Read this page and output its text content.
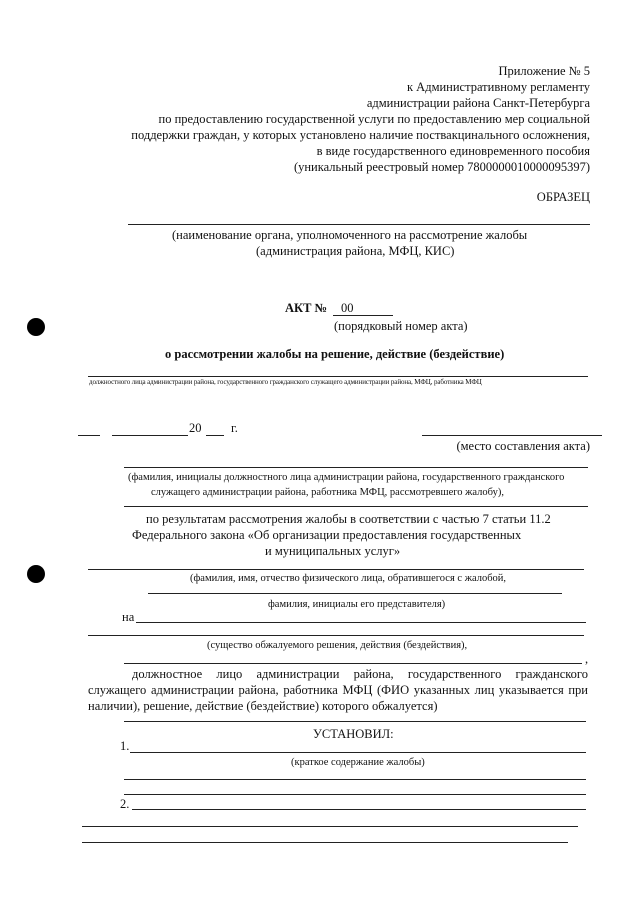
Приложение № 5
к Административному регламенту
администрации района Санкт-Петербурга
по предоставлению государственной услуги по предоставлению мер социальной
поддержки граждан, у которых установлено наличие поствакцинального осложнения,
в виде государственного единовременного пособия
(уникальный реестровый номер 7800000010000095397)
ОБРАЗЕЦ
(наименование органа, уполномоченного на рассмотрение жалобы
(администрация района, МФЦ, КИС)
АКТ № 00
(порядковый номер акта)
о рассмотрении жалобы на решение, действие (бездействие)
должностного лица администрации района, государственного гражданского служащего администрации района, МФЦ, работника МФЦ
20 г.
(место составления акта)
(фамилия, инициалы должностного лица администрации района, государственного гражданского
служащего администрации района, работника МФЦ, рассмотревшего жалобу),
по результатам рассмотрения жалобы в соответствии с частью 7 статьи 11.2
Федерального закона «Об организации предоставления государственных
и муниципальных услуг»
(фамилия, имя, отчество физического лица, обратившегося с жалобой,
фамилия, инициалы его представителя)
на
(существо обжалуемого решения, действия (бездействия),
,
должностное лицо администрации района, государственного гражданского
служащего администрации района, работника МФЦ (ФИО указанных лиц указывается при
наличии), решение, действие (бездействие) которого обжалуется)
УСТАНОВИЛ:
1.
(краткое содержание жалобы)
2.
